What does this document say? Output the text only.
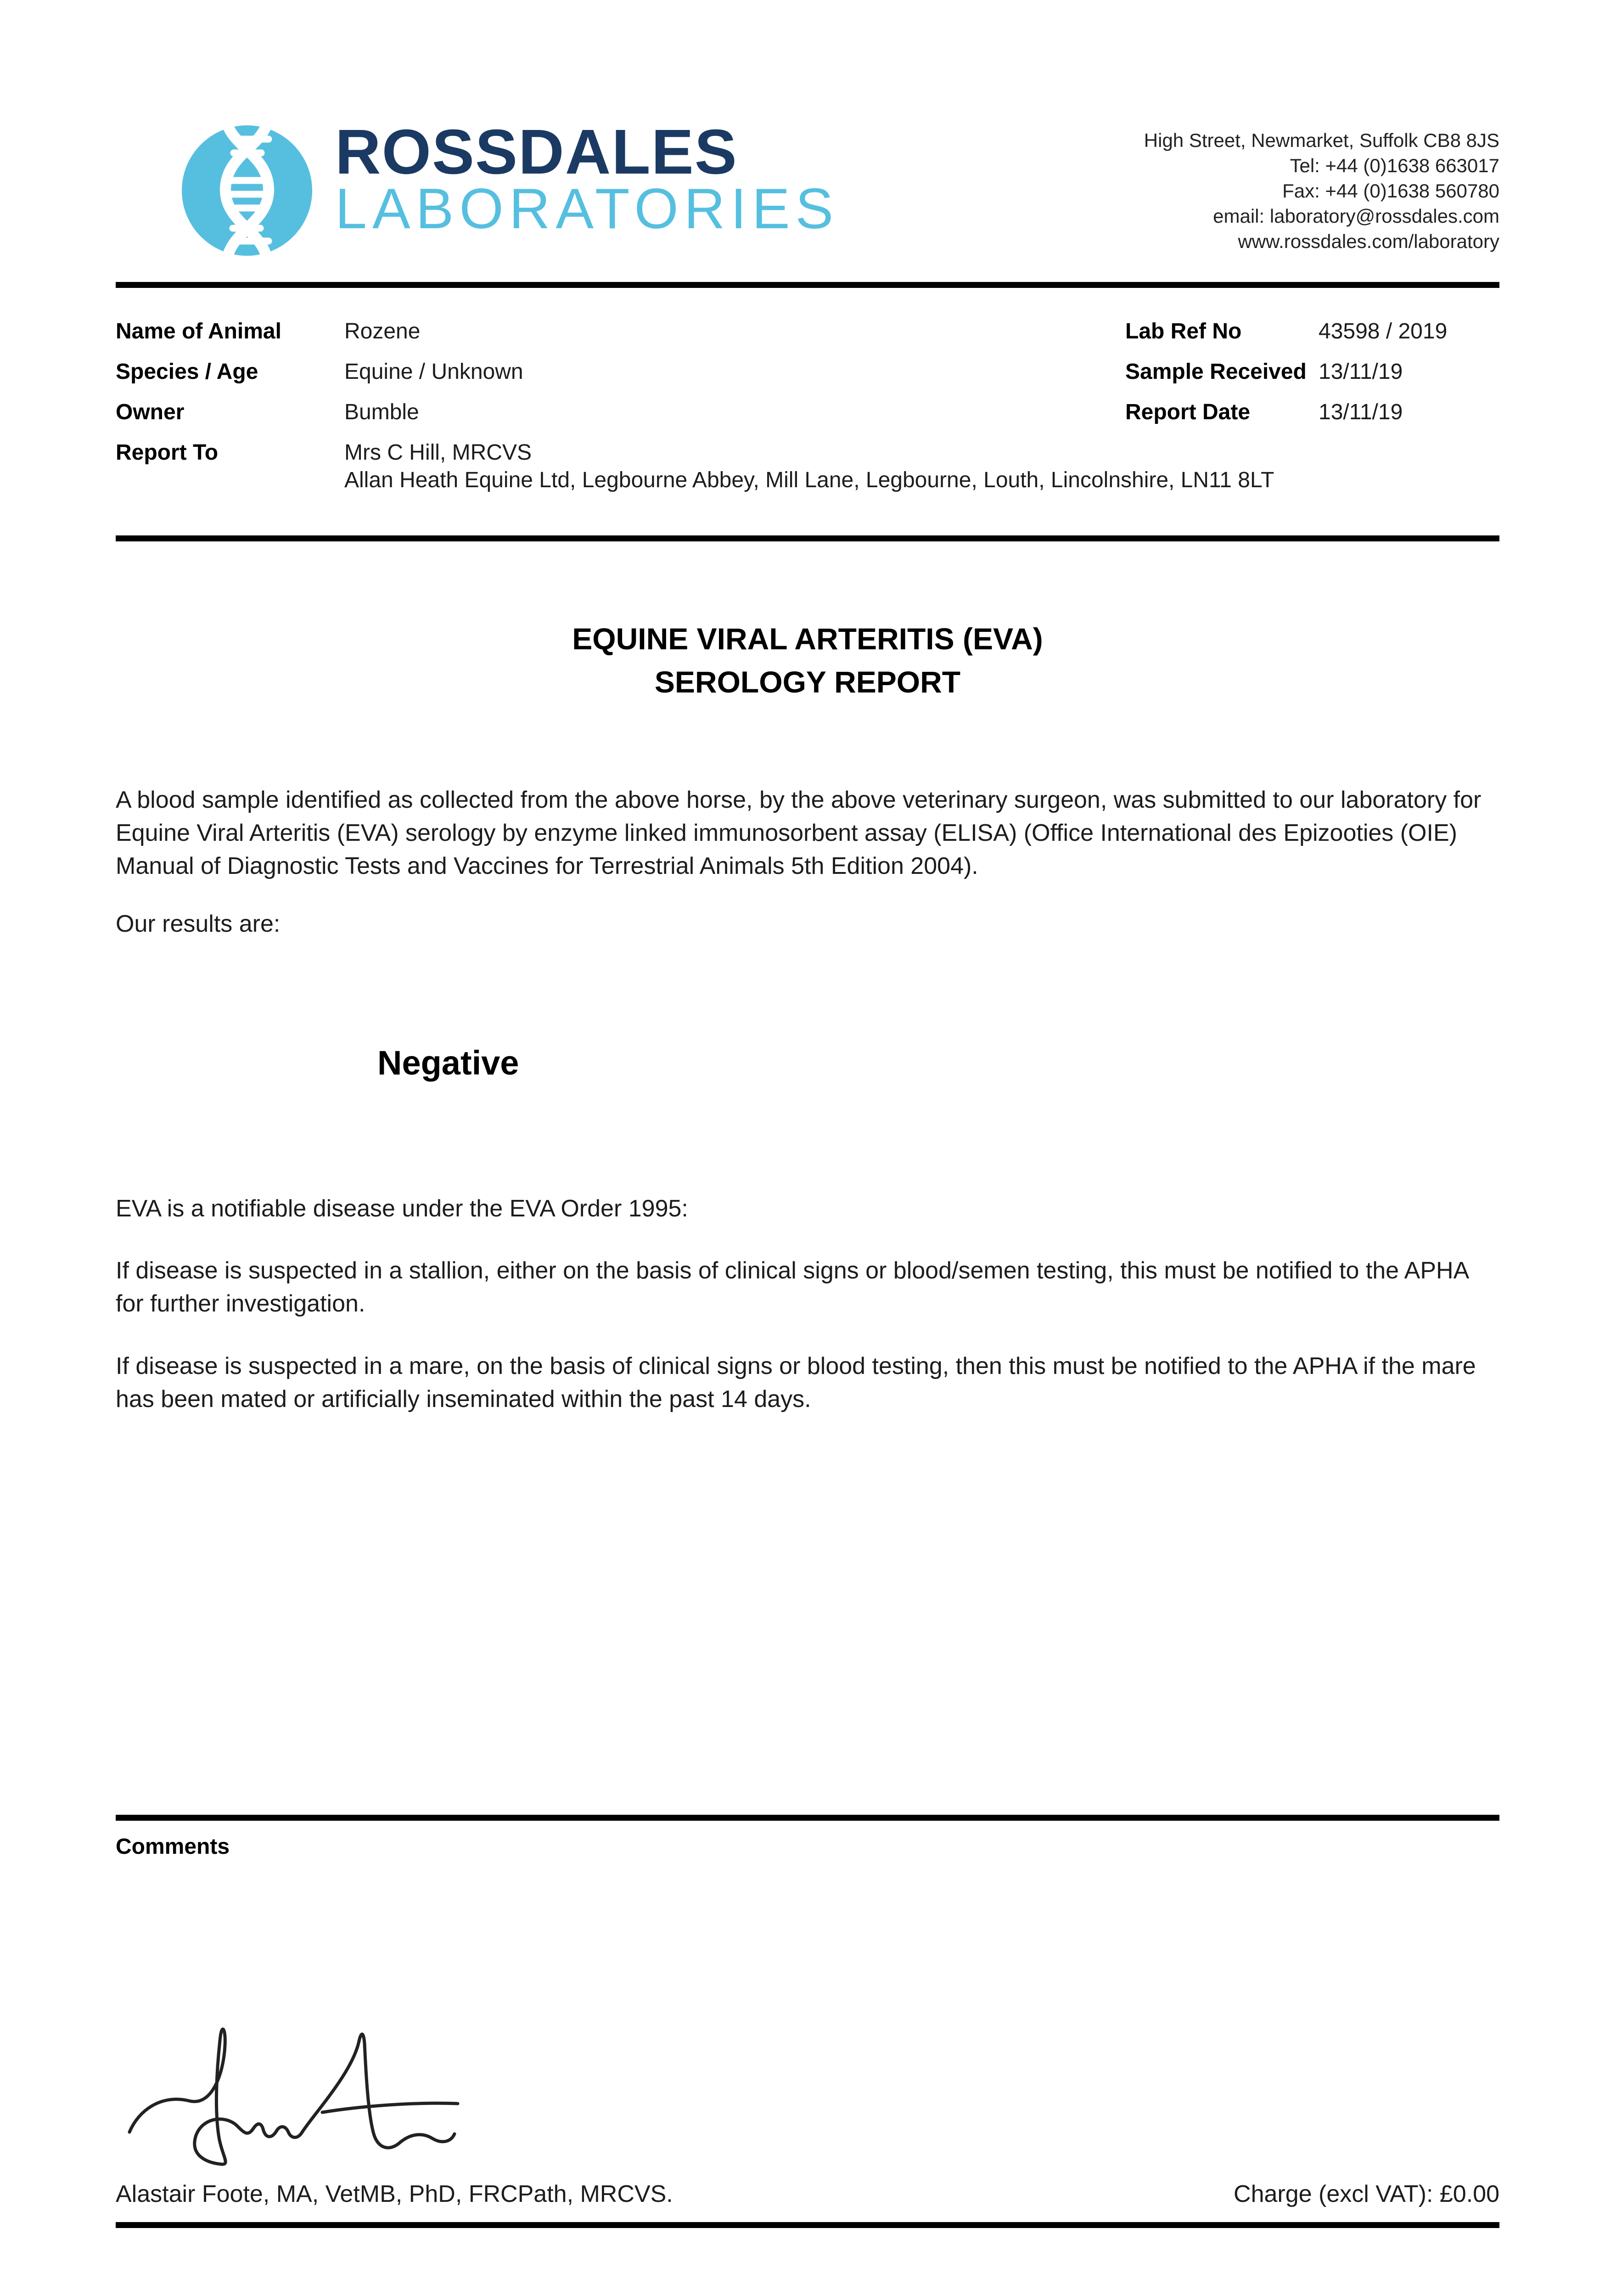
ROSSDALES
LABORATORIES
High Street, Newmarket, Suffolk CB8 8JS
Tel: +44 (0)1638 663017
Fax: +44 (0)1638 560780
email: laboratory@rossdales.com
www.rossdales.com/laboratory
Name of Animal	Rozene	Lab Ref No	43598 / 2019
Species / Age	Equine / Unknown	Sample Received 13/11/19
Owner	Bumble	Report Date	13/11/19
Report To	Mrs C Hill, MRCVS
Allan Heath Equine Ltd, Legbourne Abbey, Mill Lane, Legbourne, Louth, Lincolnshire, LN11 8LT
EQUINE VIRAL ARTERITIS (EVA)
SEROLOGY REPORT
A blood sample identified as collected from the above horse, by the above veterinary surgeon, was submitted to our laboratory for Equine Viral Arteritis (EVA) serology by enzyme linked immunosorbent assay (ELISA) (Office International des Epizooties (OIE) Manual of Diagnostic Tests and Vaccines for Terrestrial Animals 5th Edition 2004).
Our results are:
Negative
EVA is a notifiable disease under the EVA Order 1995:
If disease is suspected in a stallion, either on the basis of clinical signs or blood/semen testing, this must be notified to the APHA for further investigation.
If disease is suspected in a mare, on the basis of clinical signs or blood testing, then this must be notified to the APHA if the mare has been mated or artificially inseminated within the past 14 days.
Comments
Alastair Foote, MA, VetMB, PhD, FRCPath, MRCVS.	Charge (excl VAT): £0.00
